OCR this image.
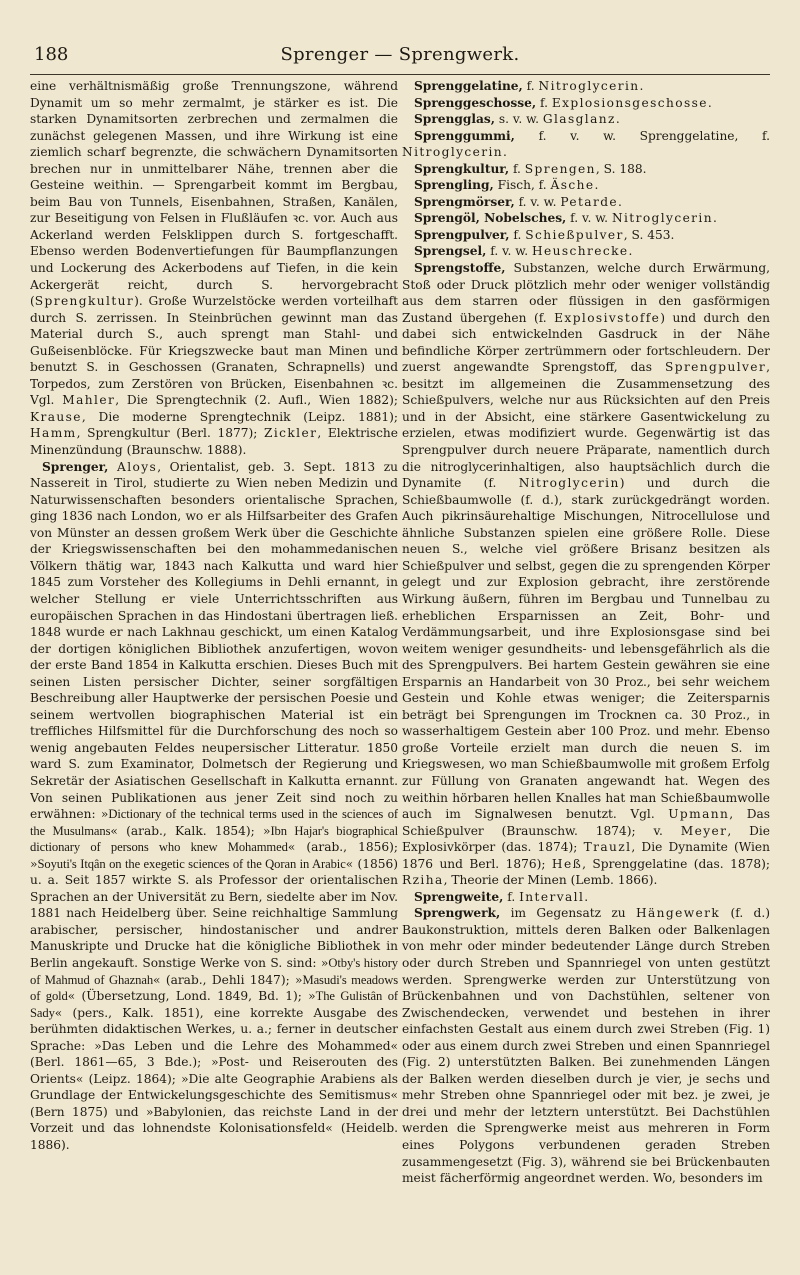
188	Sprenger — Sprengwerk.

eine verhältnismäßig große Trennungszone, während Dynamit um so mehr zermalmt, je stärker es ist. Die starken Dynamitsorten zerbrechen und zermalmen die zunächst gelegenen Massen, und ihre Wirkung ist eine ziemlich scharf begrenzte, die schwächern Dynamitsorten brechen nur in unmittelbarer Nähe, trennen aber die Gesteine weithin. — Sprengarbeit kommt im Bergbau, beim Bau von Tunnels, Eisenbahnen, Straßen, Kanälen, zur Beseitigung von Felsen in Flußläufen ꝛc. vor. Auch aus Ackerland werden Felsklippen durch S. fortgeschafft. Ebenso werden Bodenvertiefungen für Baumpflanzungen und Lockerung des Ackerbodens auf Tiefen, in die kein Ackergerät reicht, durch S. hervorgebracht (Sprengkultur). Große Wurzelstöcke werden vorteilhaft durch S. zerrissen. In Steinbrüchen gewinnt man das Material durch S., auch sprengt man Stahl- und Gußeisenblöcke. Für Kriegszwecke baut man Minen und benutzt S. in Geschossen (Granaten, Schrapnells) und Torpedos, zum Zerstören von Brücken, Eisenbahnen ꝛc. Vgl. Mahler, Die Sprengtechnik (2. Aufl., Wien 1882); Krause, Die moderne Sprengtechnik (Leipz. 1881); Hamm, Sprengkultur (Berl. 1877); Zickler, Elektrische Minenzündung (Braunschw. 1888).

Sprenger, Aloys, Orientalist, geb. 3. Sept. 1813 zu Nassereit in Tirol, studierte zu Wien neben Medizin und Naturwissenschaften besonders orientalische Sprachen, ging 1836 nach London, wo er als Hilfsarbeiter des Grafen von Münster an dessen großem Werk über die Geschichte der Kriegswissenschaften bei den mohammedanischen Völkern thätig war, 1843 nach Kalkutta und ward hier 1845 zum Vorsteher des Kollegiums in Dehli ernannt, in welcher Stellung er viele Unterrichtsschriften aus europäischen Sprachen in das Hindostani übertragen ließ. 1848 wurde er nach Lakhnau geschickt, um einen Katalog der dortigen königlichen Bibliothek anzufertigen, wovon der erste Band 1854 in Kalkutta erschien. Dieses Buch mit seinen Listen persischer Dichter, seiner sorgfältigen Beschreibung aller Hauptwerke der persischen Poesie und seinem wertvollen biographischen Material ist ein treffliches Hilfsmittel für die Durchforschung des noch so wenig angebauten Feldes neupersischer Litteratur. 1850 ward S. zum Examinator, Dolmetsch der Regierung und Sekretär der Asiatischen Gesellschaft in Kalkutta ernannt. Von seinen Publikationen aus jener Zeit sind noch zu erwähnen: »Dictionary of the technical terms used in the sciences of the Musulmans« (arab., Kalk. 1854); »Ibn Hajar's biographical dictionary of persons who knew Mohammed« (arab., 1856); »Soyuti's Itqân on the exegetic sciences of the Qoran in Arabic« (1856) u. a. Seit 1857 wirkte S. als Professor der orientalischen Sprachen an der Universität zu Bern, siedelte aber im Nov. 1881 nach Heidelberg über. Seine reichhaltige Sammlung arabischer, persischer, hindostanischer und andrer Manuskripte und Drucke hat die königliche Bibliothek in Berlin angekauft. Sonstige Werke von S. sind: »Otby's history of Mahmud of Ghaznah« (arab., Dehli 1847); »Masudi's meadows of gold« (Übersetzung, Lond. 1849, Bd. 1); »The Gulistân of Sady« (pers., Kalk. 1851), eine korrekte Ausgabe des berühmten didaktischen Werkes, u. a.; ferner in deutscher Sprache: »Das Leben und die Lehre des Mohammed« (Berl. 1861—65, 3 Bde.); »Post- und Reiserouten des Orients« (Leipz. 1864); »Die alte Geographie Arabiens als Grundlage der Entwickelungsgeschichte des Semitismus« (Bern 1875) und »Babylonien, das reichste Land in der Vorzeit und das lohnendste Kolonisationsfeld« (Heidelb. 1886).

Sprenggelatine, f. Nitroglycerin.

Sprenggeschosse, f. Explosionsgeschosse.

Sprengglas, s. v. w. Glasglanz.

Sprenggummi, f. v. w. Sprenggelatine, f. Nitroglycerin.

Sprengkultur, f. Sprengen, S. 188.

Sprengling, Fisch, f. Äsche.

Sprengmörser, f. v. w. Petarde.

Sprengöl, Nobelsches, f. v. w. Nitroglycerin.

Sprengpulver, f. Schießpulver, S. 453.

Sprengsel, f. v. w. Heuschrecke.

Sprengstoffe, Substanzen, welche durch Erwärmung, Stoß oder Druck plötzlich mehr oder weniger vollständig aus dem starren oder flüssigen in den gasförmigen Zustand übergehen (f. Explosivstoffe) und durch den dabei sich entwickelnden Gasdruck in der Nähe befindliche Körper zertrümmern oder fortschleudern. Der zuerst angewandte Sprengstoff, das Sprengpulver, besitzt im allgemeinen die Zusammensetzung des Schießpulvers, welche nur aus Rücksichten auf den Preis und in der Absicht, eine stärkere Gasentwickelung zu erzielen, etwas modifiziert wurde. Gegenwärtig ist das Sprengpulver durch neuere Präparate, namentlich durch die nitroglycerinhaltigen, also hauptsächlich durch die Dynamite (f. Nitroglycerin) und durch die Schießbaumwolle (f. d.), stark zurückgedrängt worden. Auch pikrinsäurehaltige Mischungen, Nitrocellulose und ähnliche Substanzen spielen eine größere Rolle. Diese neuen S., welche viel größere Brisanz besitzen als Schießpulver und selbst, gegen die zu sprengenden Körper gelegt und zur Explosion gebracht, ihre zerstörende Wirkung äußern, führen im Bergbau und Tunnelbau zu erheblichen Ersparnissen an Zeit, Bohr- und Verdämmungsarbeit, und ihre Explosionsgase sind bei weitem weniger gesundheits- und lebensgefährlich als die des Sprengpulvers. Bei hartem Gestein gewähren sie eine Ersparnis an Handarbeit von 30 Proz., bei sehr weichem Gestein und Kohle etwas weniger; die Zeitersparnis beträgt bei Sprengungen im Trocknen ca. 30 Proz., in wasserhaltigem Gestein aber 100 Proz. und mehr. Ebenso große Vorteile erzielt man durch die neuen S. im Kriegswesen, wo man Schießbaumwolle mit großem Erfolg zur Füllung von Granaten angewandt hat. Wegen des weithin hörbaren hellen Knalles hat man Schießbaumwolle auch im Signalwesen benutzt. Vgl. Upmann, Das Schießpulver (Braunschw. 1874); v. Meyer, Die Explosivkörper (das. 1874); Trauzl, Die Dynamite (Wien 1876 und Berl. 1876); Heß, Sprenggelatine (das. 1878); Rziha, Theorie der Minen (Lemb. 1866).

Sprengweite, f. Intervall.

Sprengwerk, im Gegensatz zu Hängewerk (f. d.) Baukonstruktion, mittels deren Balken oder Balkenlagen von mehr oder minder bedeutender Länge durch Streben oder durch Streben und Spannriegel von unten gestützt werden. Sprengwerke werden zur Unterstützung von Brückenbahnen und von Dachstühlen, seltener von Zwischendecken, verwendet und bestehen in ihrer einfachsten Gestalt aus einem durch zwei Streben (Fig. 1) oder aus einem durch zwei Streben und einen Spannriegel (Fig. 2) unterstützten Balken. Bei zunehmenden Längen der Balken werden dieselben durch je vier, je sechs und mehr Streben ohne Spannriegel oder mit bez. je zwei, je drei und mehr der letztern unterstützt. Bei Dachstühlen werden die Sprengwerke meist aus mehreren in Form eines Polygons verbundenen geraden Streben zusammengesetzt (Fig. 3), während sie bei Brückenbauten meist fächerförmig angeordnet werden. Wo, besonders im
